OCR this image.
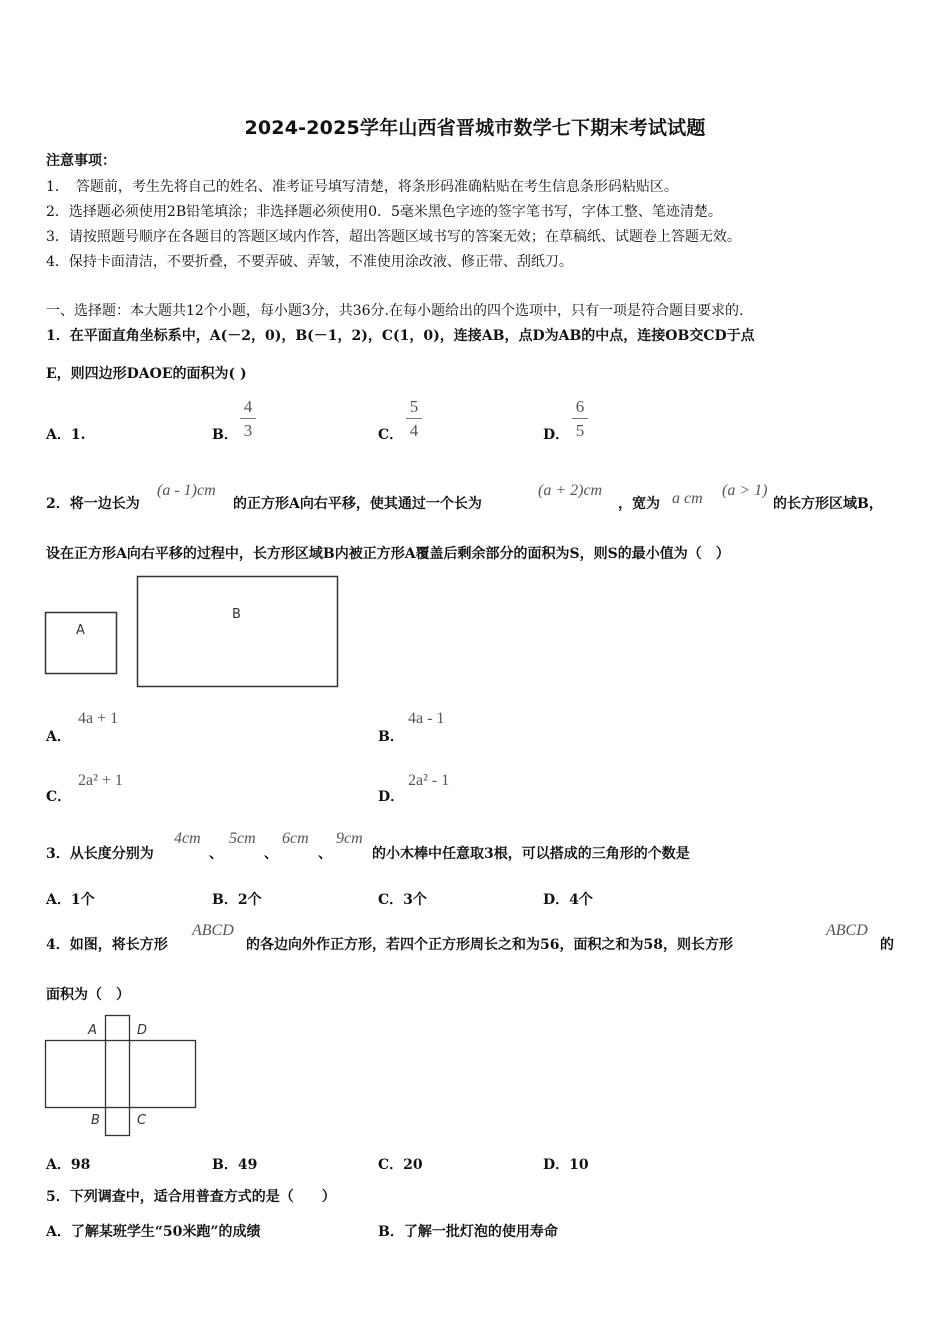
2024-2025学年山西省晋城市数学七下期末考试试题
注意事项：
1．　答题前，考生先将自己的姓名、准考证号填写清楚，将条形码准确粘贴在考生信息条形码粘贴区。
2．选择题必须使用2B铅笔填涂；非选择题必须使用0．5毫米黑色字迹的签字笔书写，字体工整、笔迹清楚。
3．请按照题号顺序在各题目的答题区域内作答，超出答题区域书写的答案无效；在草稿纸、试题卷上答题无效。
4．保持卡面清洁，不要折叠，不要弄破、弄皱，不准使用涂改液、修正带、刮纸刀。
一、选择题：本大题共12个小题，每小题3分，共36分.在每小题给出的四个选项中，只有一项是符合题目要求的.
1．在平面直角坐标系中，A(－2，0)，B(－1，2)，C(1，0)，连接AB，点D为AB的中点，连接OB交CD于点
E，则四边形DAOE的面积为( )
A．1.	B．
4
3	C．
5
4	D．
6
5
2．将一边长为
(a - 1)cm
的正方形A向右平移，使其通过一个长为
(a + 2)cm
，宽为 a cm (a > 1)
的长方形区域B，
设在正方形A向右平移的过程中，长方形区域B内被正方形A覆盖后剩余部分的面积为S，则S的最小值为（　）
A
B
A．
4a + 1
B．
4a - 1
C．
2a² + 1
D．
2a² - 1
3．从长度分别为
4cm
、
5cm
、
6cm
、
9cm
的小木棒中任意取3根，可以搭成的三角形的个数是
A．1个	B．2个	C．3个	D．4个
4．如图，将长方形
ABCD
的各边向外作正方形，若四个正方形周长之和为56，面积之和为58，则长方形
ABCD
的
面积为（　）
A	D
B	C
A．98	B．49	C．20	D．10
5．下列调查中，适合用普查方式的是（　　）
A．了解某班学生“50米跑”的成绩	B．了解一批灯泡的使用寿命
